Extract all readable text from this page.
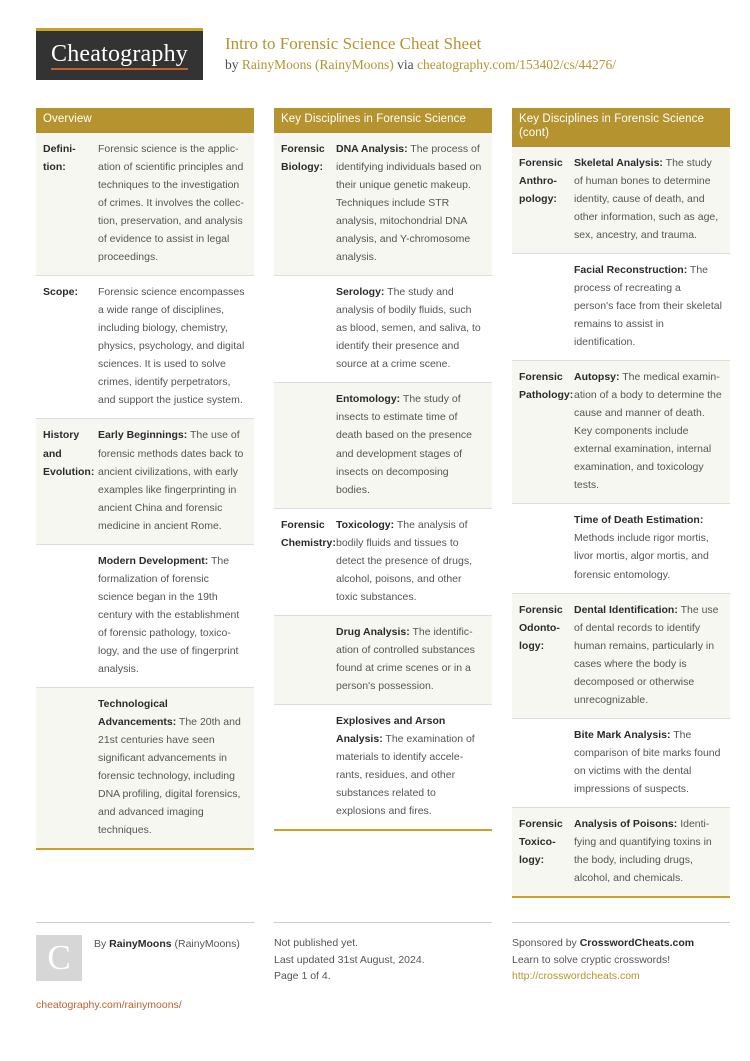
Cheatography Intro to Forensic Science Cheat Sheet
by RainyMoons (RainyMoons) via cheatography.com/153402/cs/44276/
Overview
Definition:
Forensic science is the application of scientific principles and techniques to the investigation of crimes. It involves the collection, preservation, and analysis of evidence to assist in legal proceedings.
Scope:	Forensic science encompasses a wide range of disciplines, including biology, chemistry, physics, psychology, and digital sciences. It is used to solve crimes, identify perpetrators, and support the justice system.
History and Evolution:
Early Beginnings: The use of forensic methods dates back to ancient civilizations, with early examples like fingerprinting in ancient China and forensic medicine in ancient Rome.
Modern Development: The formalization of forensic science began in the 19th century with the establishment of forensic pathology, toxicology, and the use of fingerprint analysis.
Technological Advancements: The 20th and 21st centuries have seen significant advancements in forensic technology, including DNA profiling, digital forensics, and advanced imaging techniques.
Key Disciplines in Forensic Science
Forensic Biology:
DNA Analysis: The process of identifying individuals based on their unique genetic makeup. Techniques include STR analysis, mitochondrial DNA analysis, and Y-chromosome analysis.
Serology: The study and analysis of bodily fluids, such as blood, semen, and saliva, to identify their presence and source at a crime scene.
Entomology: The study of insects to estimate time of death based on the presence and development stages of insects on decomposing bodies.
Forensic Chemistry:
Toxicology: The analysis of bodily fluids and tissues to detect the presence of drugs, alcohol, poisons, and other toxic substances.
Drug Analysis: The identification of controlled substances found at crime scenes or in a person's possession.
Explosives and Arson Analysis: The examination of materials to identify accelerants, residues, and other substances related to explosions and fires.
Key Disciplines in Forensic Science (cont)
Forensic Anthropology:
Skeletal Analysis: The study of human bones to determine identity, cause of death, and other information, such as age, sex, ancestry, and trauma.
Facial Reconstruction: The process of recreating a person's face from their skeletal remains to assist in identification.
Forensic Pathology:
Autopsy: The medical examination of a body to determine the cause and manner of death. Key components include external examination, internal examination, and toxicology tests.
Time of Death Estimation: Methods include rigor mortis, livor mortis, algor mortis, and forensic entomology.
Forensic Odontology:
Dental Identification: The use of dental records to identify human remains, particularly in cases where the body is decomposed or otherwise unrecognizable.
Bite Mark Analysis: The comparison of bite marks found on victims with the dental impressions of suspects.
Forensic Toxicology:
Analysis of Poisons: Identifying and quantifying toxins in the body, including drugs, alcohol, and chemicals.
C	By RainyMoons (RainyMoons)
cheatography.com/rainymoons/
Not published yet.
Last updated 31st August, 2024.
Page 1 of 4.
Sponsored by CrosswordCheats.com
Learn to solve cryptic crosswords!
http://crosswordcheats.com
